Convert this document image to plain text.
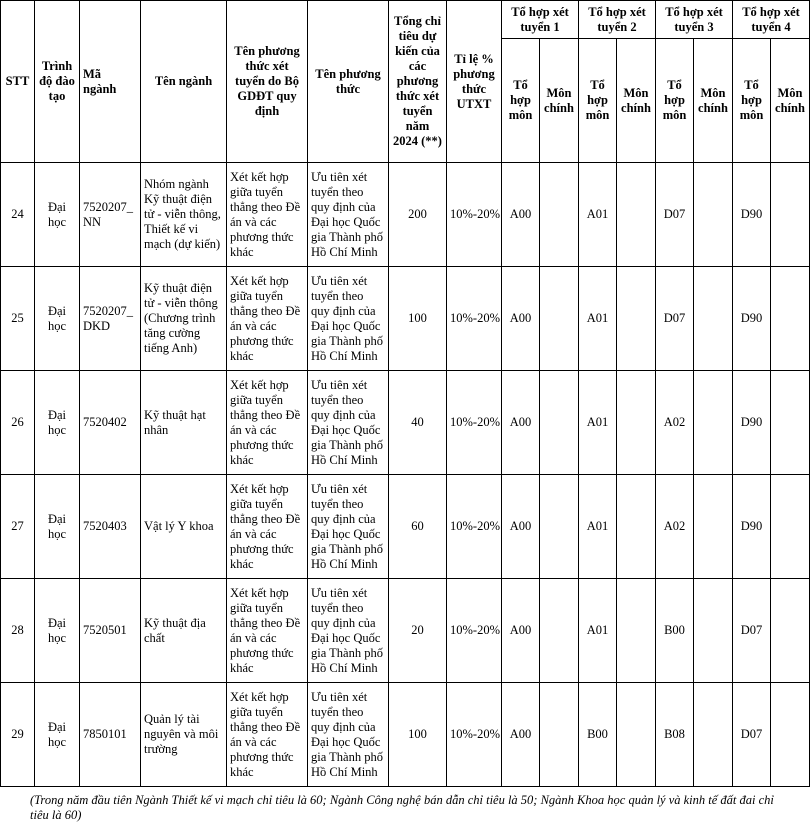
STT	Trình độ đào tạo	Mã ngành	Tên ngành	Tên phương thức xét tuyển do Bộ GDĐT quy định	Tên phương thức	Tổng chỉ tiêu dự kiến của các phương thức xét tuyển năm 2024 (**)	Tỉ lệ % phương thức UTXT	Tổ hợp xét tuyển 1		Tổ hợp xét tuyển 2		Tổ hợp xét tuyển 3		Tổ hợp xét tuyển 4	
								Tổ hợp môn	Môn chính	Tổ hợp môn	Môn chính	Tổ hợp môn	Môn chính	Tổ hợp môn	Môn chính
24	Đại học	7520207_ NN	Nhóm ngành Kỹ thuật điện tử - viễn thông, Thiết kế vi mạch (dự kiến)	Xét kết hợp giữa tuyển thẳng theo Đề án và các phương thức khác	Ưu tiên xét tuyển theo quy định của Đại học Quốc gia Thành phố Hồ Chí Minh	200	10%-20%	A00		A01		D07		D90	
25	Đại học	7520207_ DKD	Kỹ thuật điện tử - viễn thông (Chương trình tăng cường tiếng Anh)	Xét kết hợp giữa tuyển thẳng theo Đề án và các phương thức khác	Ưu tiên xét tuyển theo quy định của Đại học Quốc gia Thành phố Hồ Chí Minh	100	10%-20%	A00		A01		D07		D90	
26	Đại học	7520402	Kỹ thuật hạt nhân	Xét kết hợp giữa tuyển thẳng theo Đề án và các phương thức khác	Ưu tiên xét tuyển theo quy định của Đại học Quốc gia Thành phố Hồ Chí Minh	40	10%-20%	A00		A01		A02		D90	
27	Đại học	7520403	Vật lý Y khoa	Xét kết hợp giữa tuyển thẳng theo Đề án và các phương thức khác	Ưu tiên xét tuyển theo quy định của Đại học Quốc gia Thành phố Hồ Chí Minh	60	10%-20%	A00		A01		A02		D90	
28	Đại học	7520501	Kỹ thuật địa chất	Xét kết hợp giữa tuyển thẳng theo Đề án và các phương thức khác	Ưu tiên xét tuyển theo quy định của Đại học Quốc gia Thành phố Hồ Chí Minh	20	10%-20%	A00		A01		B00		D07	
29	Đại học	7850101	Quản lý tài nguyên và môi trường	Xét kết hợp giữa tuyển thẳng theo Đề án và các phương thức khác	Ưu tiên xét tuyển theo quy định của Đại học Quốc gia Thành phố Hồ Chí Minh	100	10%-20%	A00		B00		B08		D07	
(Trong năm đầu tiên Ngành Thiết kế vi mạch chỉ tiêu là 60; Ngành Công nghệ bán dẫn chỉ tiêu là 50; Ngành Khoa học quản lý và kinh tế đất đai chỉ tiêu là 60)
